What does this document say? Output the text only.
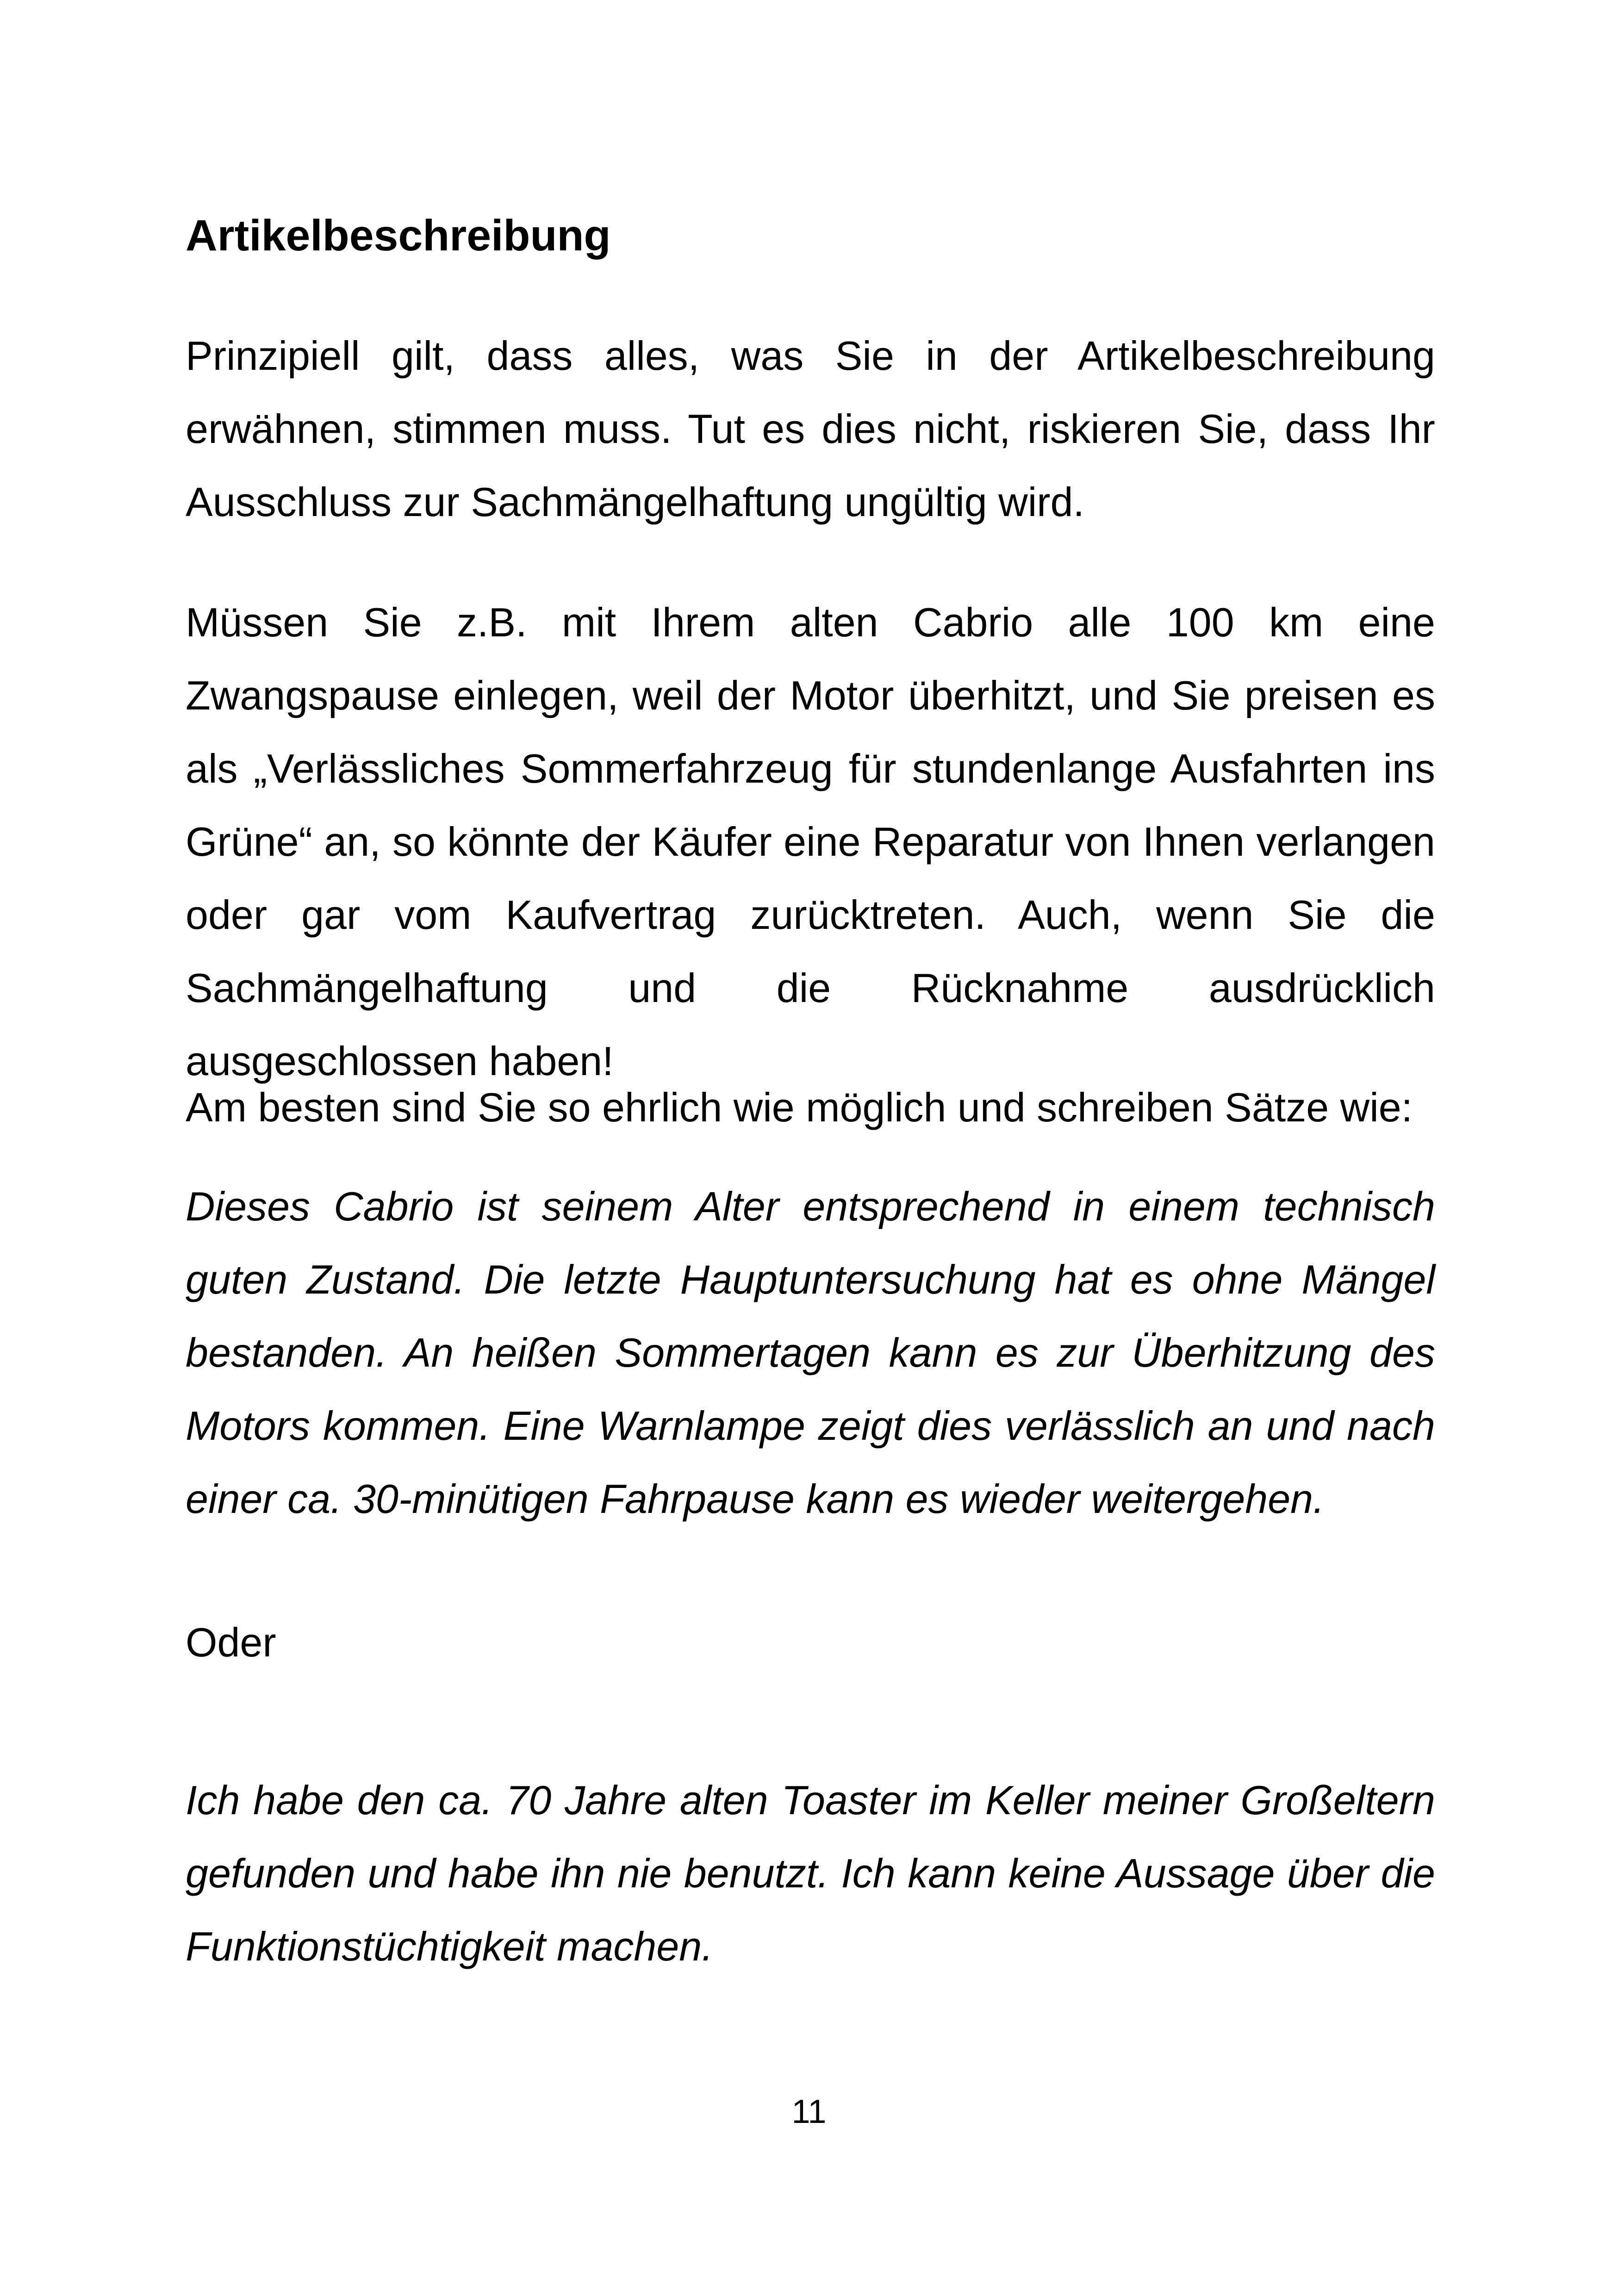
Artikelbeschreibung

Prinzipiell gilt, dass alles, was Sie in der Artikelbeschreibung erwähnen, stimmen muss. Tut es dies nicht, riskieren Sie, dass Ihr Ausschluss zur Sachmängelhaftung ungültig wird.

Müssen Sie z.B. mit Ihrem alten Cabrio alle 100 km eine Zwangspause einlegen, weil der Motor überhitzt, und Sie preisen es als „Verlässliches Sommerfahrzeug für stundenlange Ausfahrten ins Grüne“ an, so könnte der Käufer eine Reparatur von Ihnen verlangen oder gar vom Kaufvertrag zurücktreten. Auch, wenn Sie die Sachmängelhaftung und die Rücknahme ausdrücklich ausgeschlossen haben!

Am besten sind Sie so ehrlich wie möglich und schreiben Sätze wie:

Dieses Cabrio ist seinem Alter entsprechend in einem technisch guten Zustand. Die letzte Hauptuntersuchung hat es ohne Mängel bestanden. An heißen Sommertagen kann es zur Überhitzung des Motors kommen. Eine Warnlampe zeigt dies verlässlich an und nach einer ca. 30-minütigen Fahrpause kann es wieder weitergehen.

Oder

Ich habe den ca. 70 Jahre alten Toaster im Keller meiner Großeltern gefunden und habe ihn nie benutzt. Ich kann keine Aussage über die Funktionstüchtigkeit machen.

11
